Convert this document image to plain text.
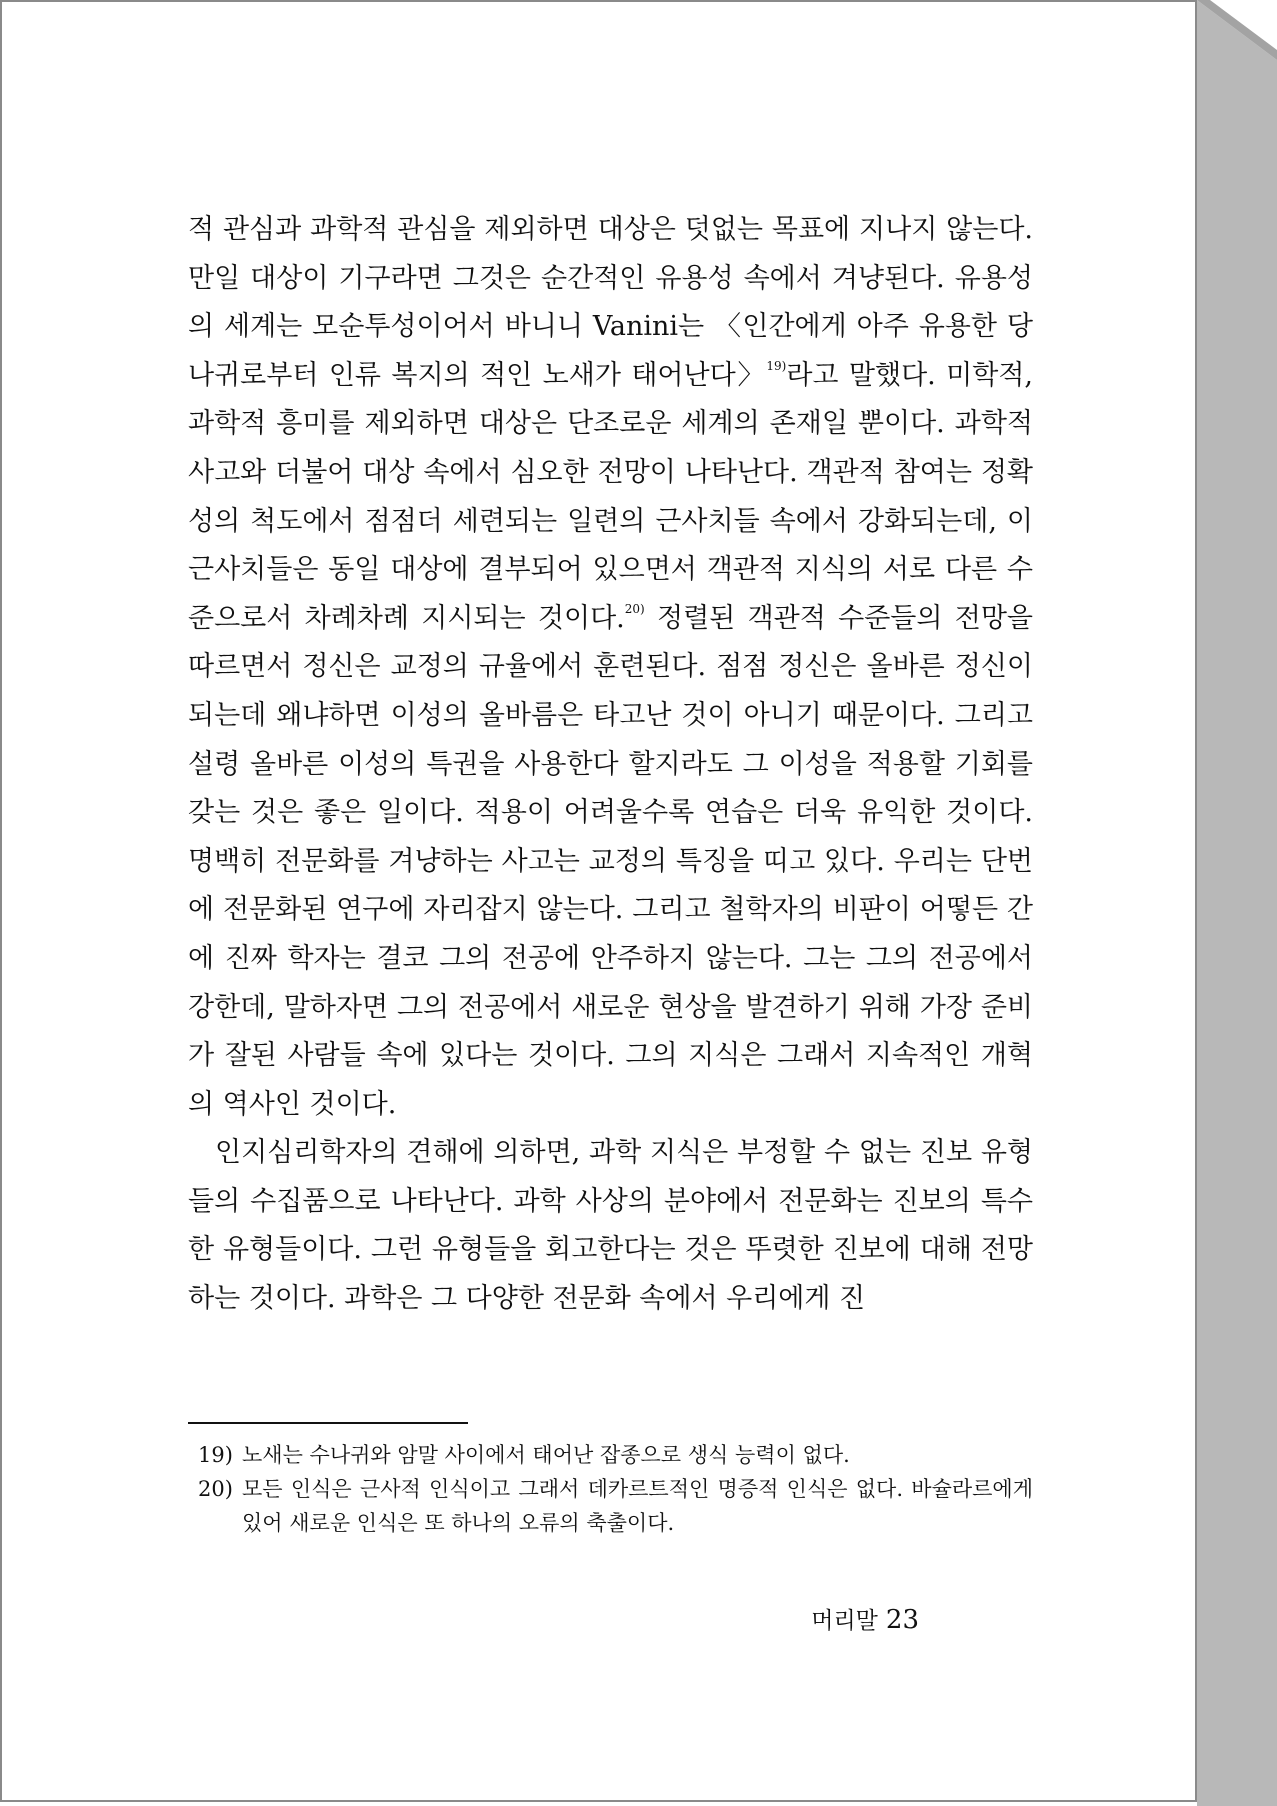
적 관심과 과학적 관심을 제외하면 대상은 덧없는 목표에 지나지 않는다. 만일 대상이 기구라면 그것은 순간적인 유용성 속에서 겨냥된다. 유용성의 세계는 모순투성이어서 바니니 Vanini는 〈인간에게 아주 유용한 당나귀로부터 인류 복지의 적인 노새가 태어난다〉$^{19)}$라고 말했다. 미학적, 과학적 흥미를 제외하면 대상은 단조로운 세계의 존재일 뿐이다. 과학적 사고와 더불어 대상 속에서 심오한 전망이 나타난다. 객관적 참여는 정확성의 척도에서 점점더 세련되는 일련의 근사치들 속에서 강화되는데, 이 근사치들은 동일 대상에 결부되어 있으면서 객관적 지식의 서로 다른 수준으로서 차례차례 지시되는 것이다.$^{20)}$ 정렬된 객관적 수준들의 전망을 따르면서 정신은 교정의 규율에서 훈련된다. 점점 정신은 올바른 정신이 되는데 왜냐하면 이성의 올바름은 타고난 것이 아니기 때문이다. 그리고 설령 올바른 이성의 특권을 사용한다 할지라도 그 이성을 적용할 기회를 갖는 것은 좋은 일이다. 적용이 어려울수록 연습은 더욱 유익한 것이다. 명백히 전문화를 겨냥하는 사고는 교정의 특징을 띠고 있다. 우리는 단번에 전문화된 연구에 자리잡지 않는다. 그리고 철학자의 비판이 어떻든 간에 진짜 학자는 결코 그의 전공에 안주하지 않는다. 그는 그의 전공에서 강한데, 말하자면 그의 전공에서 새로운 현상을 발견하기 위해 가장 준비가 잘된 사람들 속에 있다는 것이다. 그의 지식은 그래서 지속적인 개혁의 역사인 것이다.

인지심리학자의 견해에 의하면, 과학 지식은 부정할 수 없는 진보 유형들의 수집품으로 나타난다. 과학 사상의 분야에서 전문화는 진보의 특수한 유형들이다. 그런 유형들을 회고한다는 것은 뚜렷한 진보에 대해 전망하는 것이다. 과학은 그 다양한 전문화 속에서 우리에게 진

19) 노새는 수나귀와 암말 사이에서 태어난 잡종으로 생식 능력이 없다.
20) 모든 인식은 근사적 인식이고 그래서 데카르트적인 명증적 인식은 없다. 바슐라르에게 있어 새로운 인식은 또 하나의 오류의 축출이다.
머리말 23
